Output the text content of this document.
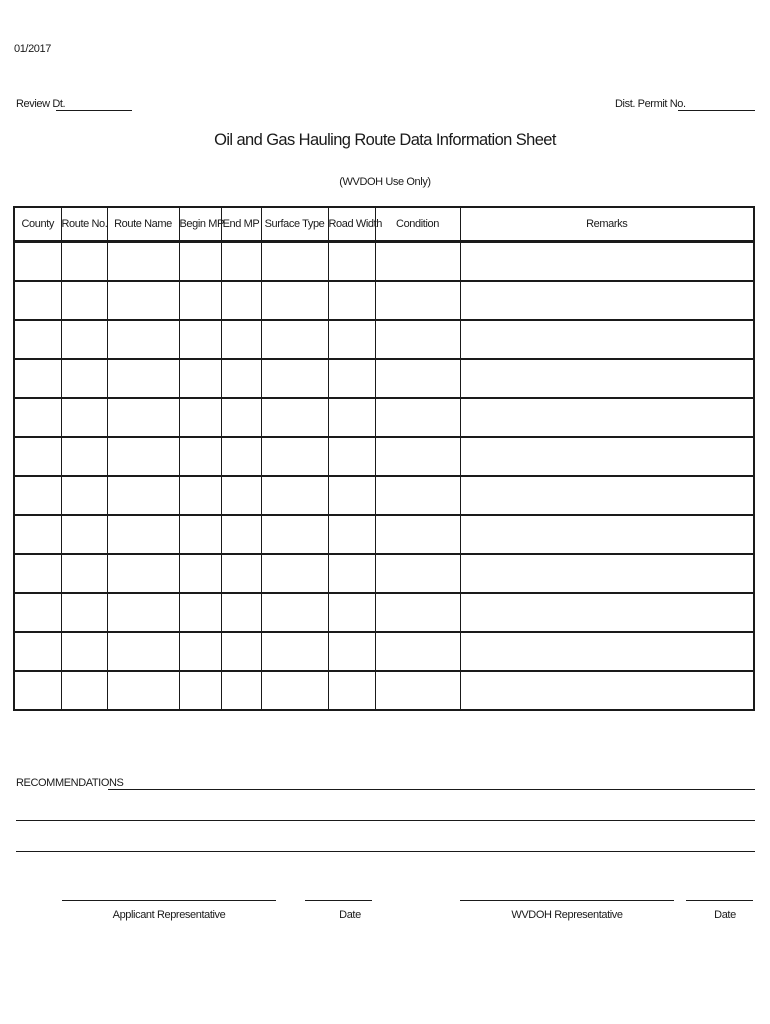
01/2017
Review Dt.	Dist. Permit No.
Oil and Gas Hauling Route Data Information Sheet
(WVDOH Use Only)
County	Route No.	Route Name	Begin MP	End MP	Surface Type	Road Width	Condition	Remarks

RECOMMENDATIONS
Applicant Representative	Date	WVDOH Representative	Date
